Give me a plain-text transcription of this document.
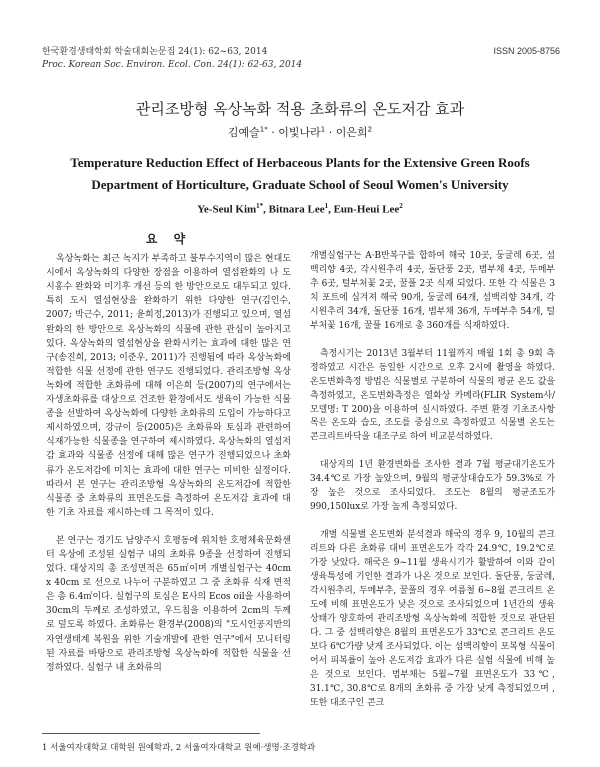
한국환경생태학회 학술대회논문집 24(1): 62~63, 2014
Proc. Korean Soc. Environ. Ecol. Con. 24(1): 62-63, 2014
ISSN 2005-8756
관리조방형 옥상녹화 적용 초화류의 온도저감 효과
김예슬$^{1*}$ · 이빛나라$^1$ · 이은희$^2$
Temperature Reduction Effect of Herbaceous Plants for the Extensive Green Roofs
Department of Horticulture, Graduate School of Seoul Women's University
Ye-Seul Kim$^{1*}$, Bitnara Lee$^1$, Eun-Heui Lee$^2$
요 약

옥상녹화는 최근 녹지가 부족하고 불투수지역이 많은 현대도시에서 옥상녹화의 다양한 장점을 이용하여 열섬완화의 나 도시홍수 완화와 미기후 개선 등의 한 방안으로도 대두되고 있다. 특히 도시 열섬현상을 완화하기 위한 다양한 연구(김인수, 2007; 박근수, 2011; 윤희정,2013)가 진행되고 있으며, 열섬완화의 한 방안으로 옥상녹화의 식물에 관한 관심이 높아지고 있다. 옥상녹화의 열섬현상을 완화시키는 효과에 대한 많은 연구(송진희, 2013; 이준우, 2011)가 진행됨에 따라 옥상녹화에 적합한 식물 선정에 관한 연구도 진행되었다. 관리조방형 옥상녹화에 적합한 초화류에 대해 이은희 등(2007)의 연구에서는 자생초화류를 대상으로 건조한 환경에서도 생육이 가능한 식물종을 선발하여 옥상녹화에 다양한 초화류의 도입이 가능하다고 제시하였으며, 강규이 등(2005)은 초화류와 토심과 관련하여 식재가능한 식물종을 연구하여 제시하였다. 옥상녹화의 열섬저감 효과와 식물종 선정에 대해 많은 연구가 진행되었으나 초화류가 온도저감에 미치는 효과에 대한 연구는 미비한 실정이다. 따라서 본 연구는 관리조방형 옥상녹화의 온도저감에 적합한 식물종 중 초화류의 표면온도를 측정하여 온도저감 효과에 대한 기초 자료를 제시하는데 그 목적이 있다.

본 연구는 경기도 남양주시 호평동에 위치한 호평체육문화센터 옥상에 조성된 실험구 내의 초화류 9종을 선정하여 진행되었다. 대상지의 총 조성면적은 65㎡이며 개별실험구는 40cm x 40cm 로 선으로 나누어 구분하였고 그 중 초화류 식재 면적은 총 6.4㎡이다. 실험구의 토심은 E사의 Ecos oil을 사용하여 30cm의 두께로 조성하였고, 우드칩을 이용하여 2cm의 두께로 덮도록 하였다. 초화류는 환경부(2008)의 "도시인공지반의 자연생태계 복원을 위한 기술개발에 관한 연구"에서 모니터링 된 자료를 바탕으로 관리조방형 옥상녹화에 적합한 식물을 선정하였다. 실험구 내 초화류의

개별실험구는 A·B반복구를 합하여 해국 10곳, 둥굴레 6곳, 섬백리향 4곳, 각시원추리 4곳, 돌단풍 2곳, 범부채 4곳, 두메부추 6곳, 털부처꽃 2곳, 꿀풀 2곳 식재 되었다. 또한 각 식물은 3치 포트에 심겨져 해국 90개, 둥굴레 64개, 섬백리향 34개, 각시원추리 34개, 돌단풍 16개, 범부채 36개, 두메부추 54개, 털부처꽃 16개, 꿀풀 16개로 총 360개를 식재하였다.

측정시기는 2013년 3월부터 11월까지 매월 1회 총 9회 측정하였고 시간은 동일한 시간으로 오후 2시에 촬영을 하였다. 온도변화측정 방법은 식물별로 구분하여 식물의 평균 온도 값을 측정하였고, 온도변화측정은 열화상 카메라(FLIR System사/모델명: T 200)을 이용하여 실시하였다. 주변 환경 기초조사항목은 온도와 습도, 조도를 중심으로 측정하였고 식물별 온도는 콘크리트바닥을 대조구로 하여 비교분석하였다.

대상지의 1년 환경변화를 조사한 결과 7월 평균대기온도가 34.4℃로 가장 높았으며, 9월의 평균상대습도가 59.3%로 가장 높은 것으로 조사되었다. 조도는 8월의 평균조도가 990,150lux로 가장 높게 측정되었다.

개별 식물별 온도변화 분석결과 해국의 경우 9, 10월의 콘크리트와 다른 초화류 대비 표면온도가 각각 24.9℃, 19.2℃로 가장 낮았다. 해국은 9~11월 생육시기가 활발하여 이와 같이 생육특성에 기인한 결과가 나온 것으로 보인다. 돌단풍, 둥굴레, 각시원추리, 두메부추, 꿀풀의 경우 여름철 6~8월 콘크리트 온도에 비해 표면온도가 낮은 것으로 조사되었으며 1년간의 생육상태가 양호하여 관리조방형 옥상녹화에 적합한 것으로 판단된다. 그 중 섬백리향은 8월의 표면온도가 33℃로 콘크리트 온도보다 6℃가량 낮게 조사되었다. 이는 섬백리향이 포복형 식물이어서 피복률이 높아 온도저감 효과가 다른 실험 식물에 비해 높은 것으로 보인다. 범부채는 5월~7월 표면온도가 33℃, 31.1℃, 30.8℃로 8개의 초화류 중 가장 낮게 측정되었으며 , 또한 대조구인 콘크

1 서울여자대학교 대학원 원예학과, 2 서울여자대학교 원예·생명·조경학과
